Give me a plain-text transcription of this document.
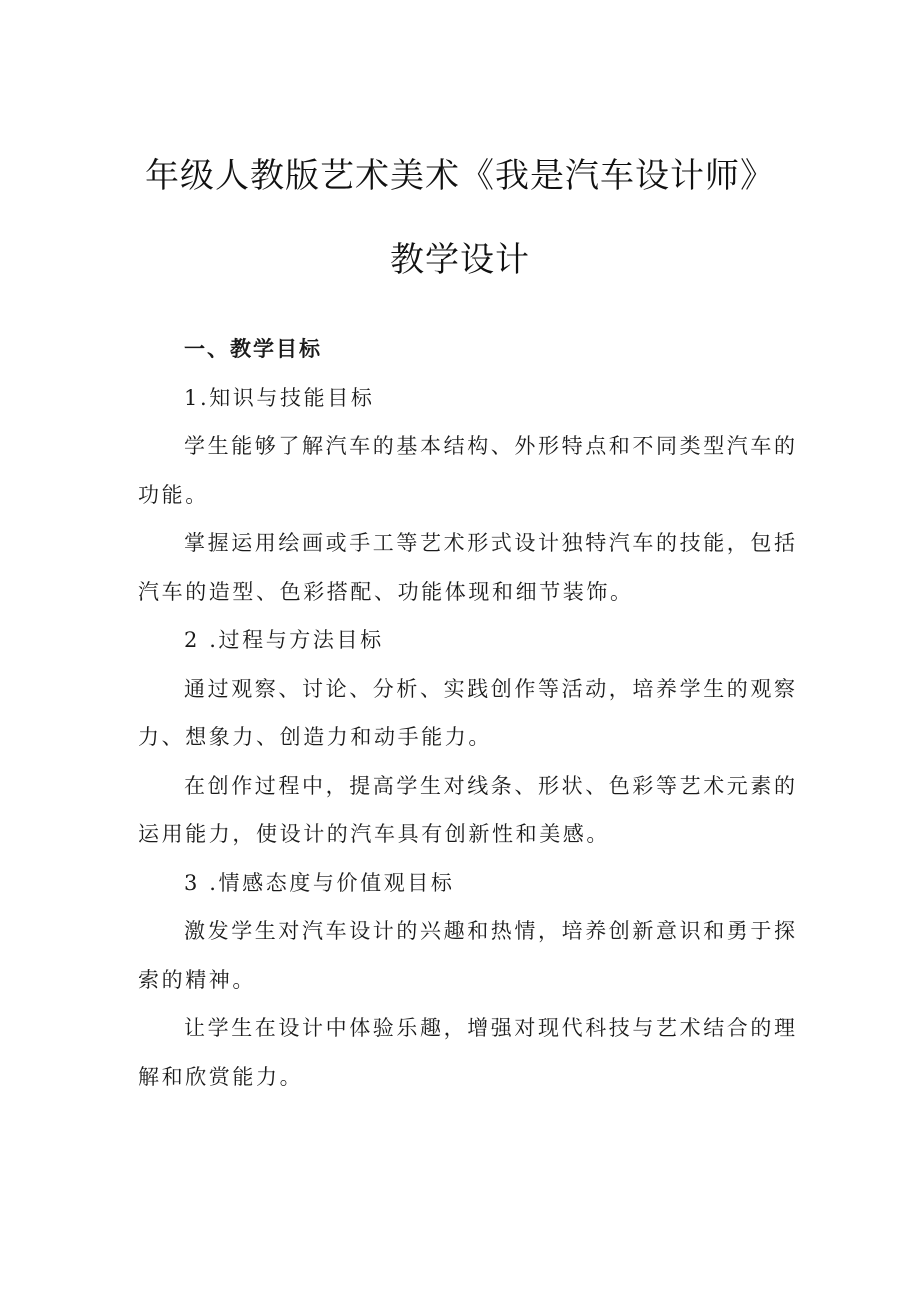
年级人教版艺术美术《我是汽车设计师》
教学设计
一、教学目标
1.知识与技能目标
学生能够了解汽车的基本结构、外形特点和不同类型汽车的
功能。
掌握运用绘画或手工等艺术形式设计独特汽车的技能，包括
汽车的造型、色彩搭配、功能体现和细节装饰。
2 .过程与方法目标
通过观察、讨论、分析、实践创作等活动，培养学生的观察
力、想象力、创造力和动手能力。
在创作过程中，提高学生对线条、形状、色彩等艺术元素的
运用能力，使设计的汽车具有创新性和美感。
3 .情感态度与价值观目标
激发学生对汽车设计的兴趣和热情，培养创新意识和勇于探
索的精神。
让学生在设计中体验乐趣，增强对现代科技与艺术结合的理
解和欣赏能力。
